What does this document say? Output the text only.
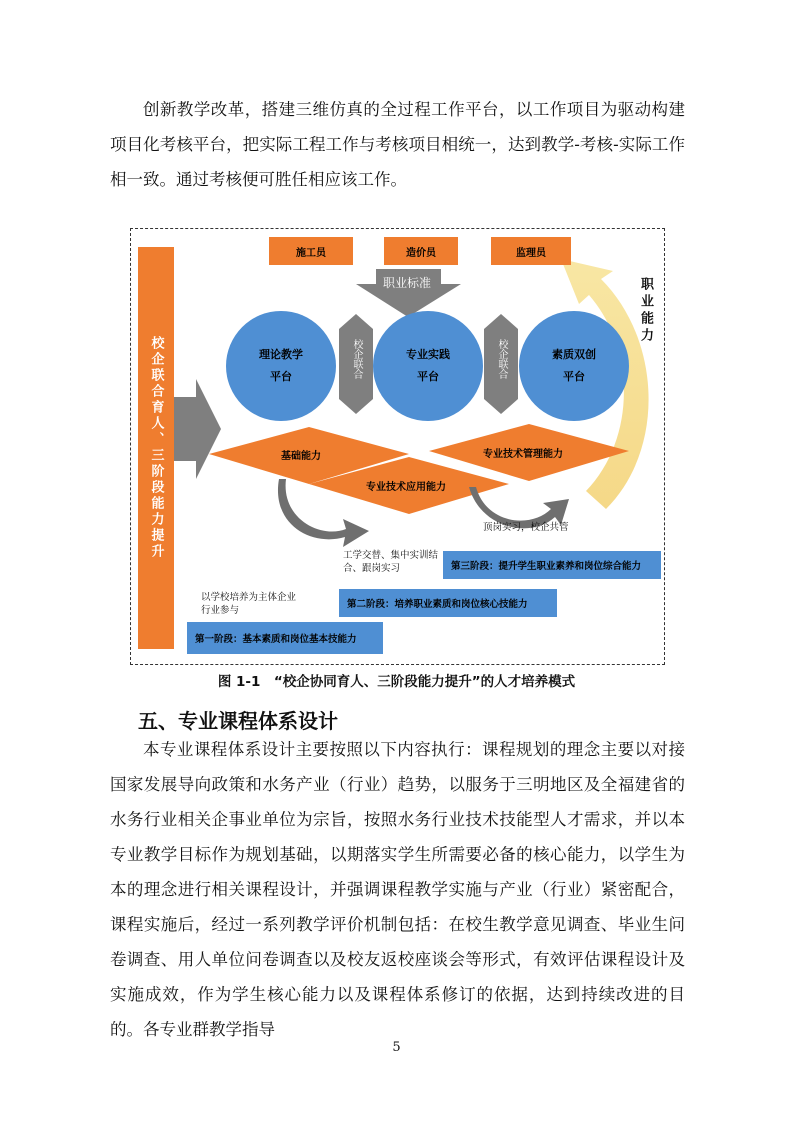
创新教学改革，搭建三维仿真的全过程工作平台，以工作项目为驱动构建项目化考核平台，把实际工程工作与考核项目相统一，达到教学-考核-实际工作相一致。通过考核便可胜任相应该工作。

校企联合育人、三阶段能力提升
施工员	造价员	监理员
职业标准
理论教学
平台
专业实践
平台
素质双创
平台
校企联合	校企联合
职业能力
基础能力
专业技术应用能力
专业技术管理能力
顶岗实习，校企共管
工学交替、集中实训结合、跟岗实习
以学校培养为主体企业行业参与
第三阶段：提升学生职业素养和岗位综合能力
第二阶段：培养职业素质和岗位核心技能力
第一阶段：基本素质和岗位基本技能力
图 1-1　“校企协同育人、三阶段能力提升”的人才培养模式
五、专业课程体系设计

本专业课程体系设计主要按照以下内容执行：课程规划的理念主要以对接国家发展导向政策和水务产业（行业）趋势，以服务于三明地区及全福建省的水务行业相关企事业单位为宗旨，按照水务行业技术技能型人才需求，并以本专业教学目标作为规划基础，以期落实学生所需要必备的核心能力，以学生为本的理念进行相关课程设计，并强调课程教学实施与产业（行业）紧密配合，课程实施后，经过一系列教学评价机制包括：在校生教学意见调查、毕业生问卷调查、用人单位问卷调查以及校友返校座谈会等形式，有效评估课程设计及实施成效，作为学生核心能力以及课程体系修订的依据，达到持续改进的目的。各专业群教学指导

5
